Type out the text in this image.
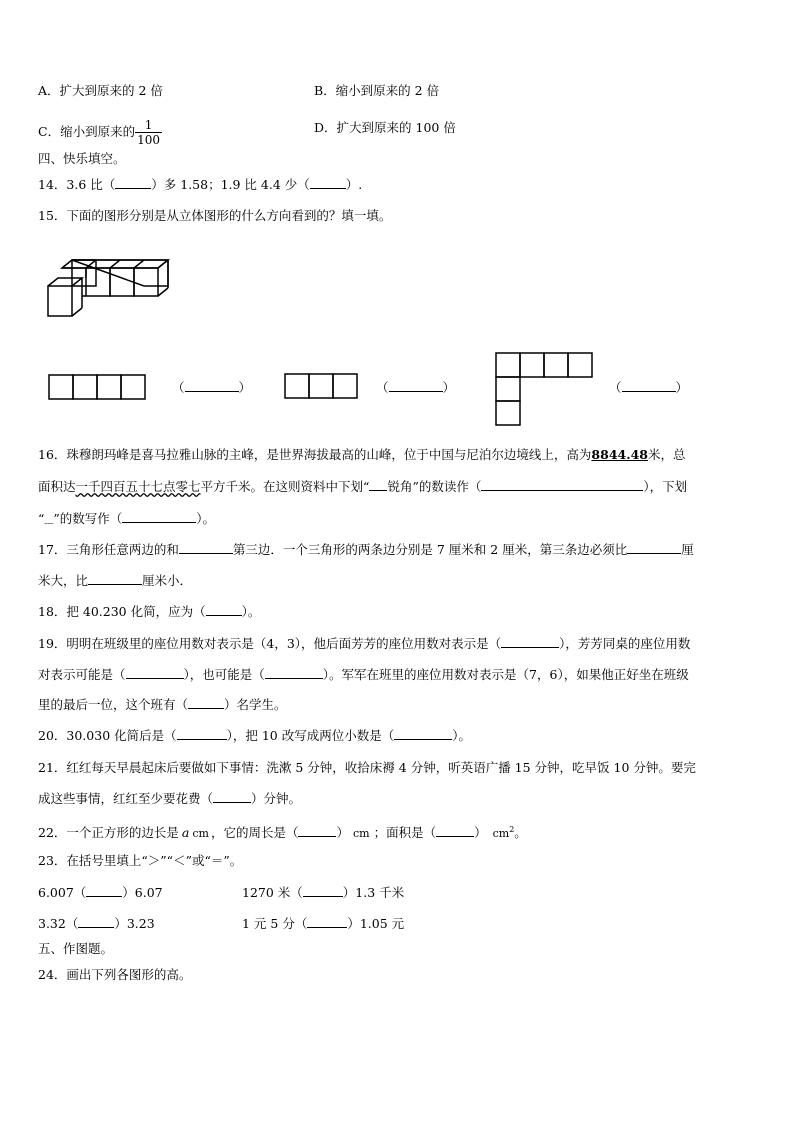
A．扩大到原来的 2 倍	B．缩小到原来的 2 倍
C．缩小到原来的 $\frac{1}{100}$	D．扩大到原来的 100 倍
四、快乐填空。
14．3.6 比（	）多 1.58；1.9 比 4.4 少（	）.
15．下面的图形分别是从立体图形的什么方向看到的？填一填。
（	）	（	）	（	）
16．珠穆朗玛峰是喜马拉雅山脉的主峰，是世界海拔最高的山峰，位于中国与尼泊尔边境线上，高为8844.48米，总
面积达一千四百五十七点零七平方千米。在这则资料中下划“ 锐角”的数读作（	），下划
“﹏”的数写作（	）。
17．三角形任意两边的和	第三边．一个三角形的两条边分别是 7 厘米和 2 厘米，第三条边必须比	厘
米大，比	厘米小．
18．把 40.230 化简，应为（	）。
19．明明在班级里的座位用数对表示是（4，3），他后面芳芳的座位用数对表示是（	），芳芳同桌的座位用数
对表示可能是（	），也可能是（	）。军军在班里的座位用数对表示是（7，6），如果他正好坐在班级
里的最后一位，这个班有（	）名学生。
20．30.030 化简后是（	），把 10 改写成两位小数是（	）。
21．红红每天早晨起床后要做如下事情：洗漱 5 分钟，收拾床褥 4 分钟，听英语广播 15 分钟，吃早饭 10 分钟。要完
成这些事情，红红至少要花费（	）分钟。
22．一个正方形的边长是 a cm ，它的周长是（	） cm ；面积是（	） $cm^2$。
23．在括号里填上“＞”“＜”或“＝”。
6.007（	）6.07	1270 米（	）1.3 千米
3.32（	）3.23	1 元 5 分（	）1.05 元
五、作图题。
24．画出下列各图形的高。
